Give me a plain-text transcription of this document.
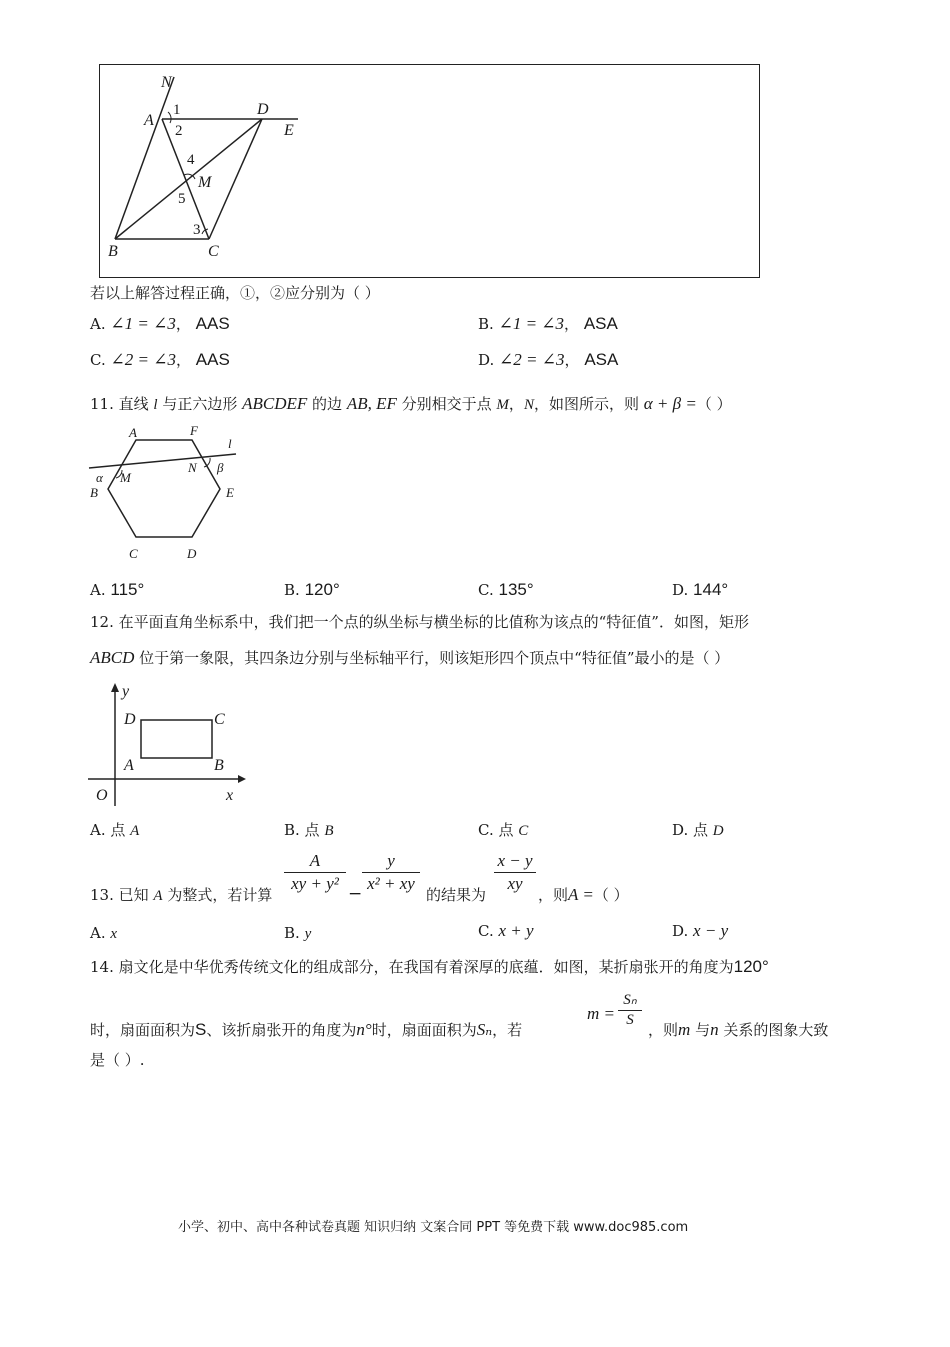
N
A
1
2
D
E
4
M
5
3
B	C
若以上解答过程正确，①，②应分别为（ ）
A. ∠1 = ∠3， AAS	B. ∠1 = ∠3， ASA
C. ∠2 = ∠3， AAS	D. ∠2 = ∠3， ASA
11. 直线 l 与正六边形 ABCDEF 的边 AB, EF 分别相交于点 M，N，如图所示，则 α + β =（ ）
A	F
l
α M
N β
B	E
C	D
A. 115°	B. 120°	C. 135°	D. 144°
12. 在平面直角坐标系中，我们把一个点的纵坐标与横坐标的比值称为该点的“特征值”．如图，矩形
ABCD 位于第一象限，其四条边分别与坐标轴平行，则该矩形四个顶点中“特征值”最小的是（ ）
y
x
O
D	C
A	B
A. 点 A	B. 点 B	C. 点 C	D. 点 D
13. 已知 A 为整式，若计算
A
xy + y²
−
y
x² + xy
的结果为
x − y
xy
，则A =（ ）
A. x	B. y	C. x + y	D. x − y
14. 扇文化是中华优秀传统文化的组成部分，在我国有着深厚的底蕴．如图，某折扇张开的角度为120°
时，扇面面积为S、该折扇张开的角度为n°时，扇面面积为Sₙ，若
m =
Sₙ
S
，则m 与n 关系的图象大致
是（ ）.
小学、初中、高中各种试卷真题 知识归纳 文案合同 PPT 等免费下载 www.doc985.com
